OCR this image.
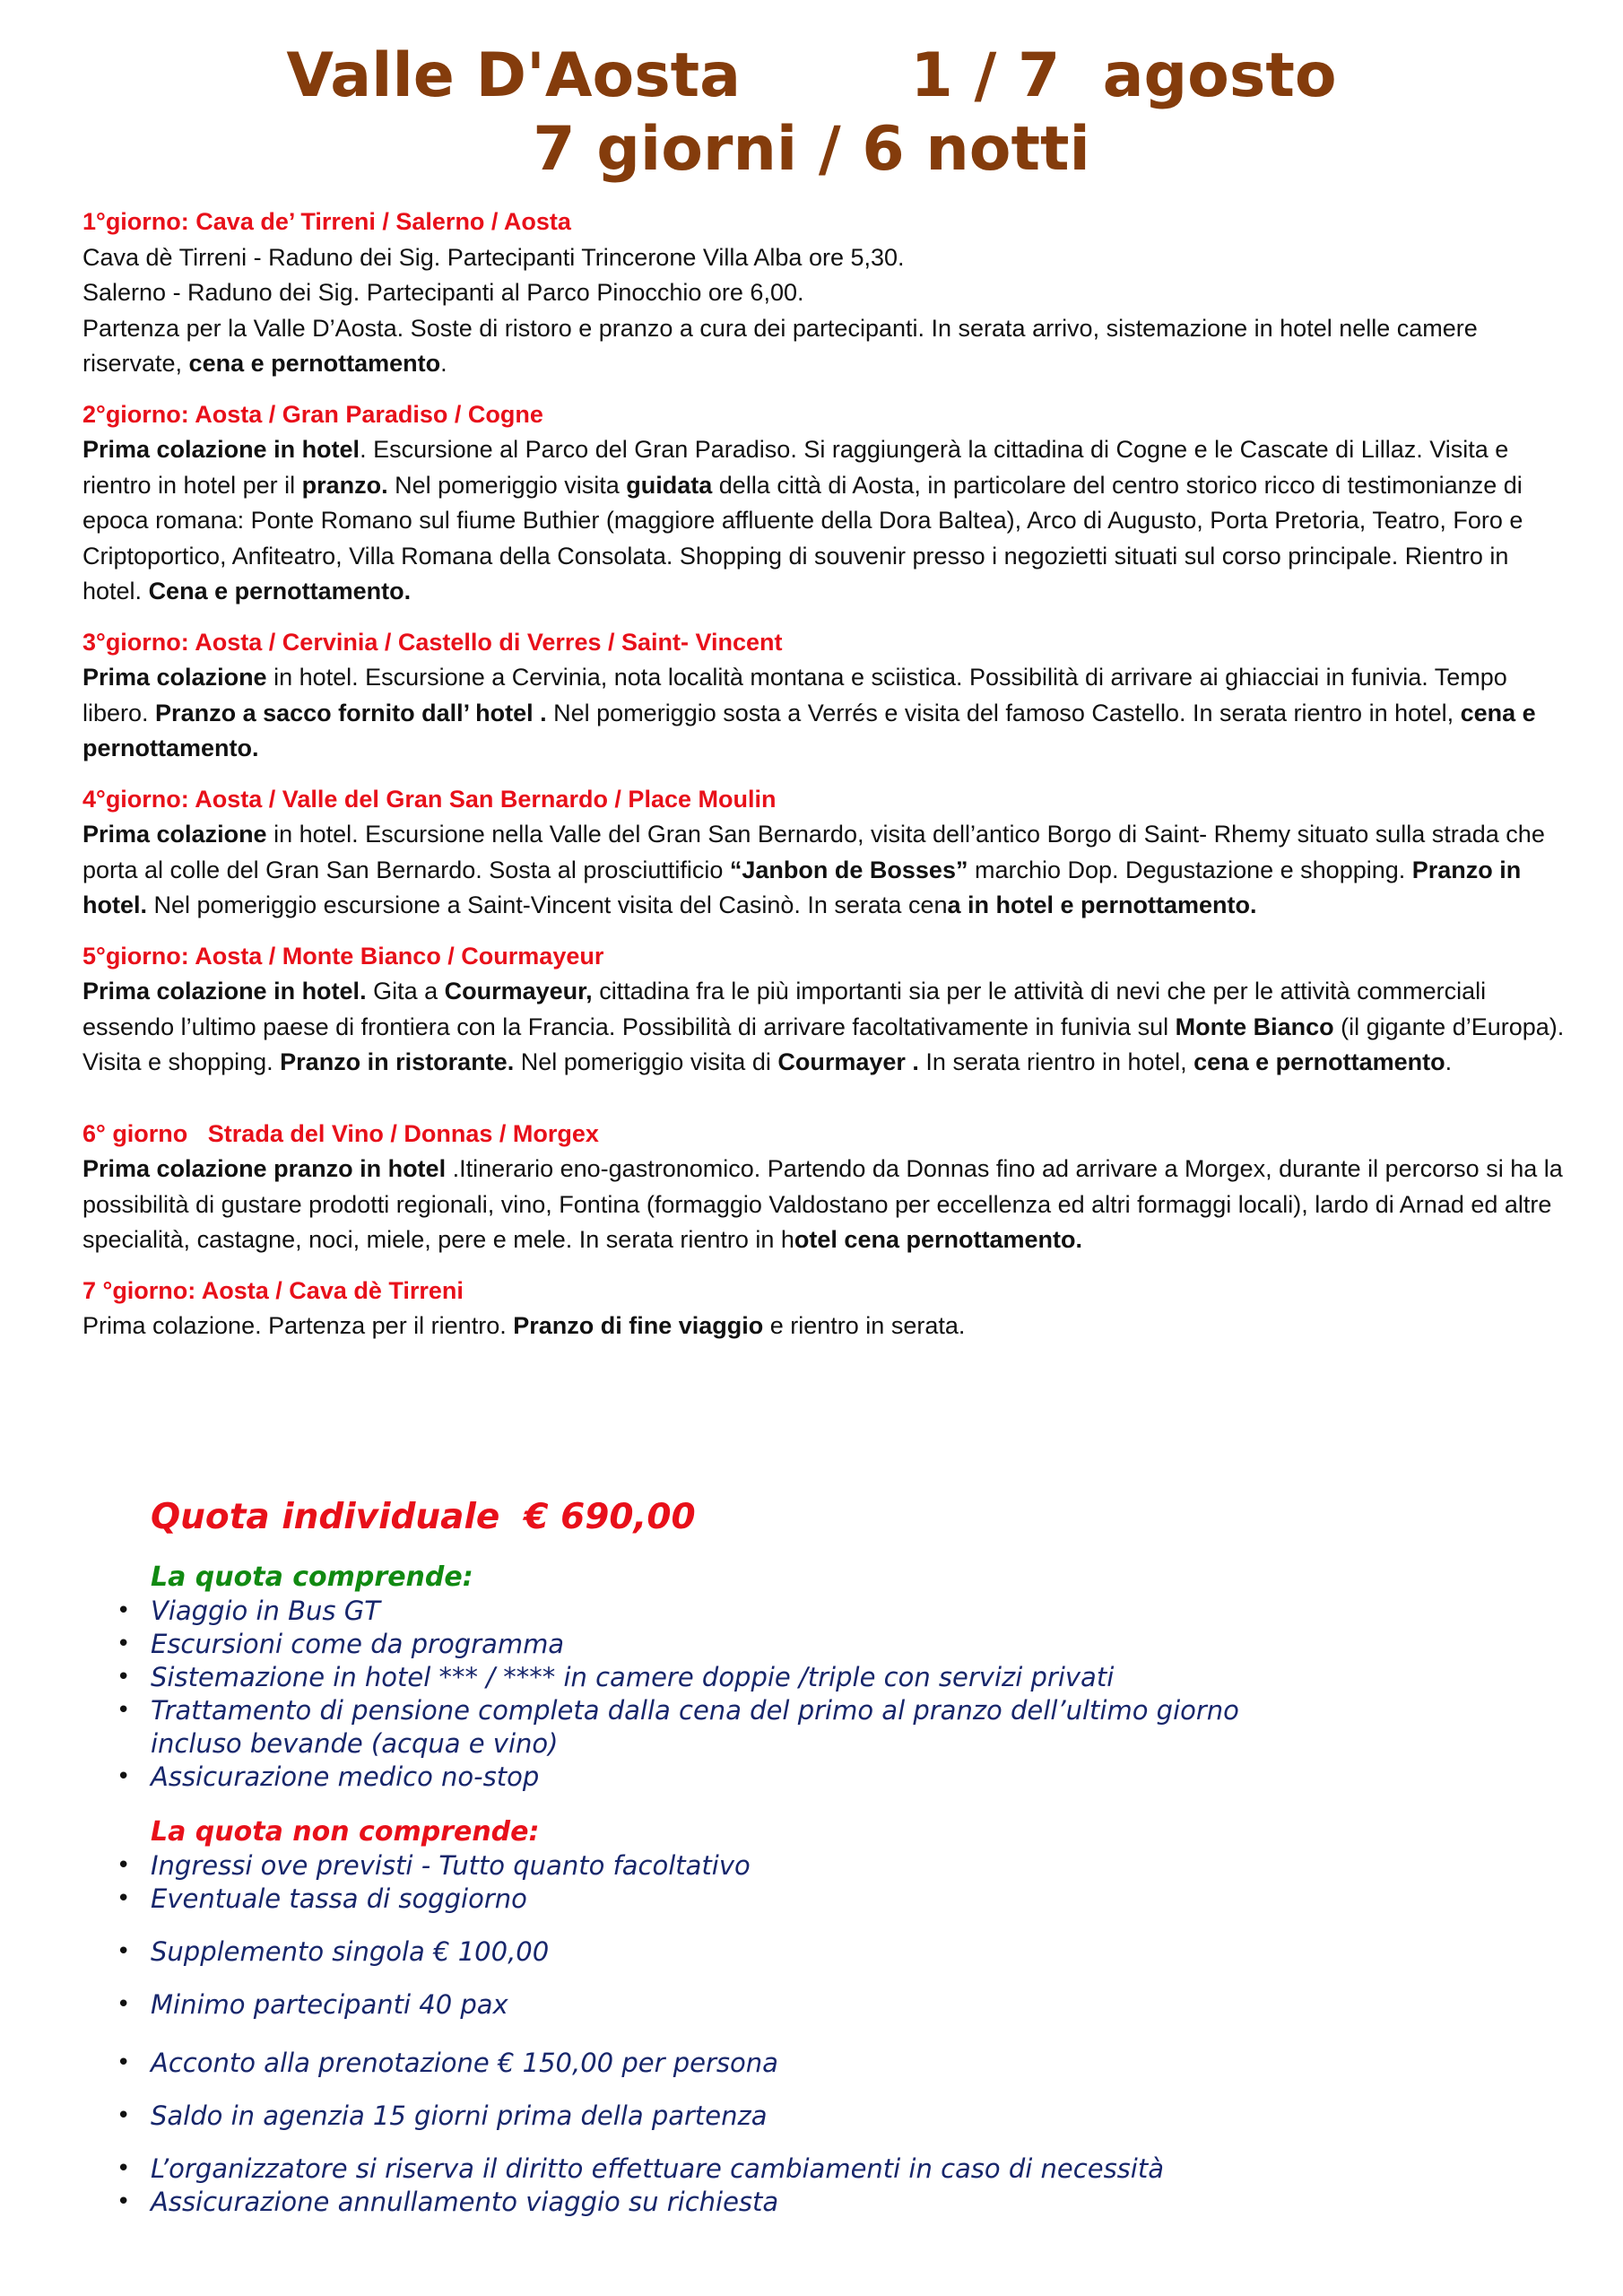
Valle D'Aosta        1 / 7  agosto
7 giorni / 6 notti
1°giorno: Cava de’ Tirreni / Salerno / Aosta
Cava dè Tirreni - Raduno dei Sig. Partecipanti Trincerone Villa Alba ore 5,30.
Salerno - Raduno dei Sig. Partecipanti al Parco Pinocchio ore 6,00.
Partenza per la Valle D’Aosta. Soste di ristoro e pranzo a cura dei partecipanti. In serata arrivo, sistemazione in hotel nelle camere riservate, cena e pernottamento.
2°giorno: Aosta / Gran Paradiso / Cogne
Prima colazione in hotel. Escursione al Parco del Gran Paradiso. Si raggiungerà la cittadina di Cogne e le Cascate di Lillaz. Visita e rientro in hotel per il pranzo. Nel pomeriggio visita guidata della città di Aosta, in particolare del centro storico ricco di testimonianze di epoca romana: Ponte Romano sul fiume Buthier (maggiore affluente della Dora Baltea), Arco di Augusto, Porta Pretoria, Teatro, Foro e Criptoportico, Anfiteatro, Villa Romana della Consolata. Shopping di souvenir presso i negozietti situati sul corso principale. Rientro in hotel. Cena e pernottamento.
3°giorno: Aosta / Cervinia / Castello di Verres / Saint- Vincent
Prima colazione in hotel. Escursione a Cervinia, nota località montana e sciistica. Possibilità di arrivare ai ghiacciai in funivia. Tempo libero. Pranzo a sacco fornito dall’ hotel . Nel pomeriggio sosta a Verrés e visita del famoso Castello. In serata rientro in hotel, cena e pernottamento.
4°giorno: Aosta / Valle del Gran San Bernardo / Place Moulin
Prima colazione in hotel. Escursione nella Valle del Gran San Bernardo, visita dell’antico Borgo di Saint- Rhemy situato sulla strada che porta al colle del Gran San Bernardo. Sosta al prosciuttificio “Janbon de Bosses” marchio Dop. Degustazione e shopping. Pranzo in hotel. Nel pomeriggio escursione a Saint-Vincent visita del Casinò. In serata cena in hotel e pernottamento.
5°giorno: Aosta / Monte Bianco / Courmayeur
Prima colazione in hotel. Gita a Courmayeur, cittadina fra le più importanti sia per le attività di nevi che per le attività commerciali essendo l’ultimo paese di frontiera con la Francia. Possibilità di arrivare facoltativamente in funivia sul Monte Bianco (il gigante d’Europa). Visita e shopping. Pranzo in ristorante. Nel pomeriggio visita di Courmayer . In serata rientro in hotel, cena e pernottamento.
6° giorno   Strada del Vino / Donnas / Morgex
Prima colazione pranzo in hotel .Itinerario eno-gastronomico. Partendo da Donnas fino ad arrivare a Morgex, durante il percorso si ha la possibilità di gustare prodotti regionali, vino, Fontina (formaggio Valdostano per eccellenza ed altri formaggi locali), lardo di Arnad ed altre specialità, castagne, noci, miele, pere e mele. In serata rientro in hotel cena pernottamento.
7 °giorno: Aosta / Cava dè Tirreni
Prima colazione. Partenza per il rientro. Pranzo di fine viaggio e rientro in serata.
Quota individuale  € 690,00
La quota comprende:
• Viaggio in Bus GT
• Escursioni come da programma
• Sistemazione in hotel *** / **** in camere doppie /triple con servizi privati
• Trattamento di pensione completa dalla cena del primo al pranzo dell’ultimo giorno incluso bevande (acqua e vino)
• Assicurazione medico no-stop
La quota non comprende:
• Ingressi ove previsti - Tutto quanto facoltativo
• Eventuale tassa di soggiorno
• Supplemento singola € 100,00
• Minimo partecipanti 40 pax
• Acconto alla prenotazione € 150,00 per persona
• Saldo in agenzia 15 giorni prima della partenza
• L’organizzatore si riserva il diritto effettuare cambiamenti in caso di necessità
• Assicurazione annullamento viaggio su richiesta
